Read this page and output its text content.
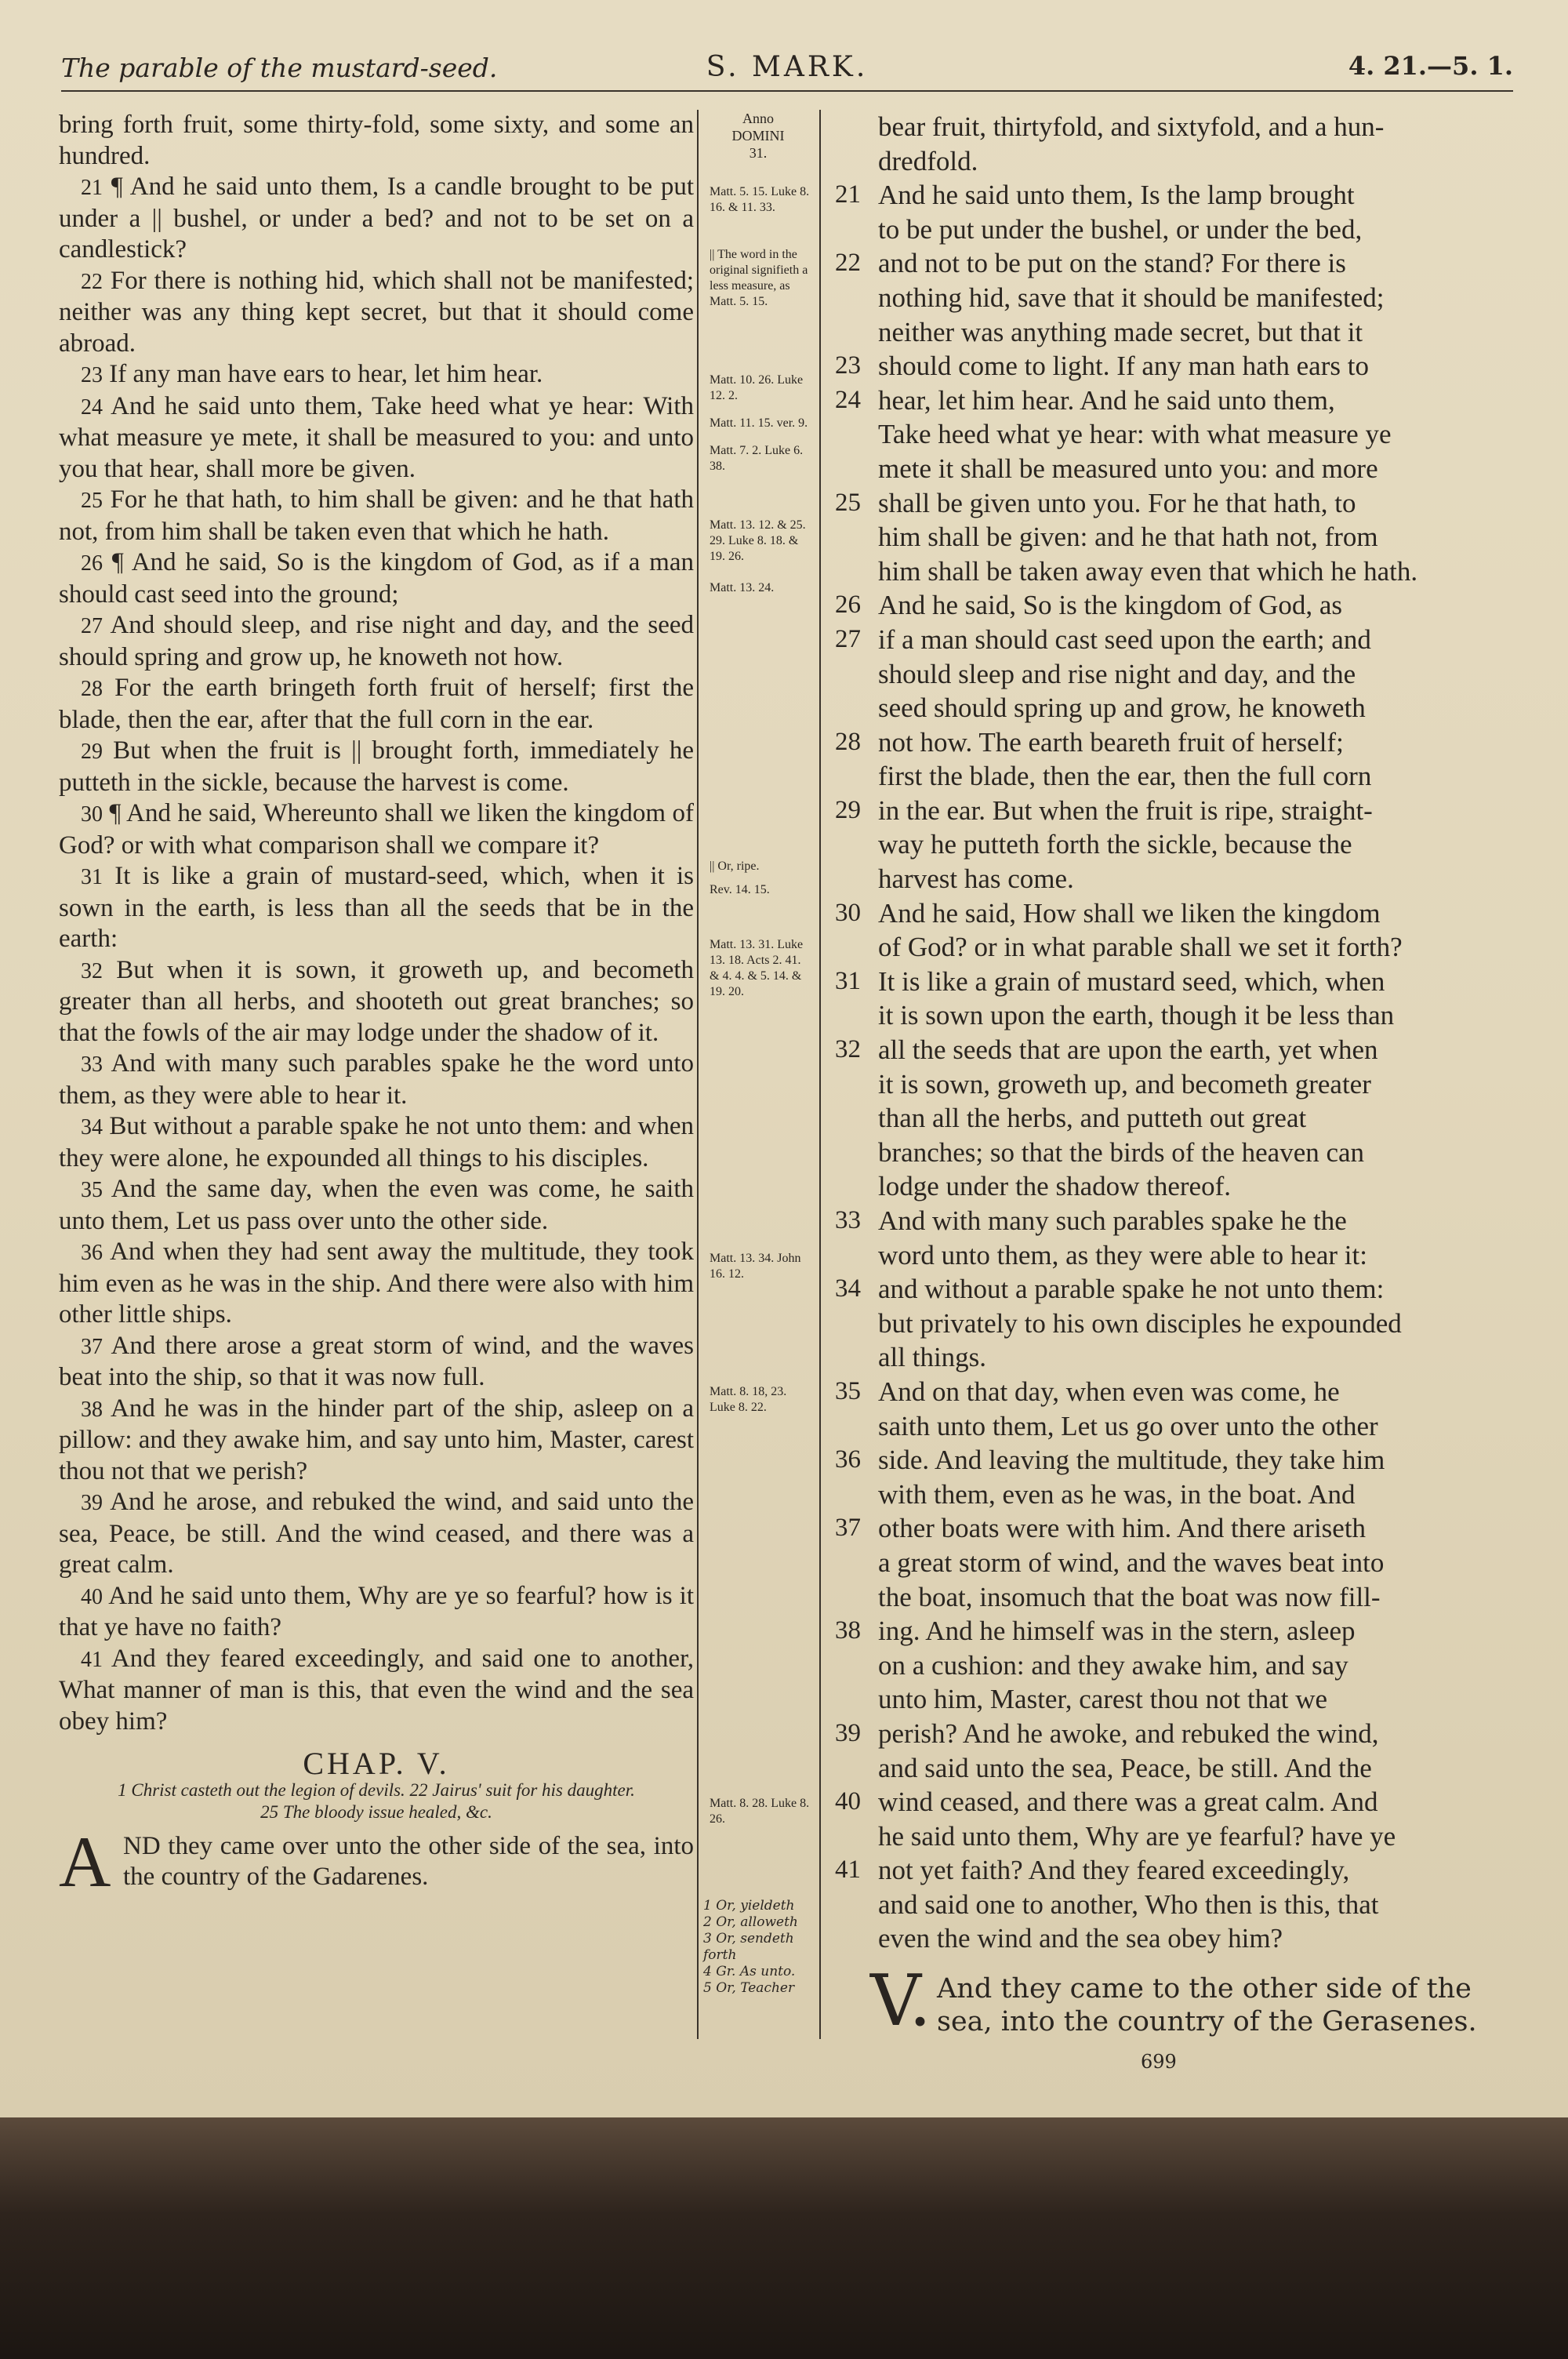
The parable of the mustard-seed.	S. MARK.	4. 21.—5. 1.

bring forth fruit, some thirty-fold, some sixty, and some an hundred.

21 ¶ And he said unto them, Is a candle brought to be put under a || bushel, or under a bed? and not to be set on a candlestick?

22 For there is nothing hid, which shall not be manifested; neither was any thing kept secret, but that it should come abroad.

23 If any man have ears to hear, let him hear.

24 And he said unto them, Take heed what ye hear: With what measure ye mete, it shall be measured to you: and unto you that hear, shall more be given.

25 For he that hath, to him shall be given: and he that hath not, from him shall be taken even that which he hath.

26 ¶ And he said, So is the kingdom of God, as if a man should cast seed into the ground;

27 And should sleep, and rise night and day, and the seed should spring and grow up, he knoweth not how.

28 For the earth bringeth forth fruit of herself; first the blade, then the ear, after that the full corn in the ear.

29 But when the fruit is || brought forth, immediately he putteth in the sickle, because the harvest is come.

30 ¶ And he said, Whereunto shall we liken the kingdom of God? or with what comparison shall we compare it?

31 It is like a grain of mustard-seed, which, when it is sown in the earth, is less than all the seeds that be in the earth:

32 But when it is sown, it groweth up, and becometh greater than all herbs, and shooteth out great branches; so that the fowls of the air may lodge under the shadow of it.

33 And with many such parables spake he the word unto them, as they were able to hear it.

34 But without a parable spake he not unto them: and when they were alone, he expounded all things to his disciples.

35 And the same day, when the even was come, he saith unto them, Let us pass over unto the other side.

36 And when they had sent away the multitude, they took him even as he was in the ship. And there were also with him other little ships.

37 And there arose a great storm of wind, and the waves beat into the ship, so that it was now full.

38 And he was in the hinder part of the ship, asleep on a pillow: and they awake him, and say unto him, Master, carest thou not that we perish?

39 And he arose, and rebuked the wind, and said unto the sea, Peace, be still. And the wind ceased, and there was a great calm.

40 And he said unto them, Why are ye so fearful? how is it that ye have no faith?

41 And they feared exceedingly, and said one to another, What manner of man is this, that even the wind and the sea obey him?

CHAP. V.
1 Christ casteth out the legion of devils. 22 Jairus' suit for his daughter.
25 The bloody issue healed, &c.
A ND they came over unto the other side of the sea, into the country of the Gadarenes.
Anno
DOMINI
31.
Matt. 5. 15. Luke 8. 16. & 11. 33.
|| The word in the original signifieth a less measure, as Matt. 5. 15.
Matt. 10. 26. Luke 12. 2.
Matt. 11. 15. ver. 9.
Matt. 7. 2. Luke 6. 38.
Matt. 13. 12. & 25. 29. Luke 8. 18. & 19. 26.
Matt. 13. 24.
|| Or, ripe.
Rev. 14. 15.
Matt. 13. 31. Luke 13. 18. Acts 2. 41. & 4. 4. & 5. 14. & 19. 20.
Matt. 13. 34. John 16. 12.
Matt. 8. 18, 23. Luke 8. 22.
Matt. 8. 28. Luke 8. 26.
1 Or, yieldeth
2 Or, alloweth
3 Or, sendeth forth
4 Gr. As unto.
5 Or, Teacher
bear fruit, thirtyfold, and sixtyfold, and a hun-
dredfold.
21 And he said unto them, Is the lamp brought
to be put under the bushel, or under the bed,
22 and not to be put on the stand? For there is
nothing hid, save that it should be manifested;
neither was anything made secret, but that it
23 should come to light. If any man hath ears to
24 hear, let him hear. And he said unto them,
Take heed what ye hear: with what measure ye
mete it shall be measured unto you: and more
25 shall be given unto you. For he that hath, to
him shall be given: and he that hath not, from
him shall be taken away even that which he hath.
26 And he said, So is the kingdom of God, as
27 if a man should cast seed upon the earth; and
should sleep and rise night and day, and the
seed should spring up and grow, he knoweth
28 not how. The earth beareth fruit of herself;
first the blade, then the ear, then the full corn
29 in the ear. But when the fruit is ripe, straight-
way he putteth forth the sickle, because the
harvest has come.
30 And he said, How shall we liken the kingdom
of God? or in what parable shall we set it forth?
31 It is like a grain of mustard seed, which, when
it is sown upon the earth, though it be less than
32 all the seeds that are upon the earth, yet when
it is sown, groweth up, and becometh greater
than all the herbs, and putteth out great
branches; so that the birds of the heaven can
lodge under the shadow thereof.
33 And with many such parables spake he the
word unto them, as they were able to hear it:
34 and without a parable spake he not unto them:
but privately to his own disciples he expounded
all things.
35 And on that day, when even was come, he
saith unto them, Let us go over unto the other
36 side. And leaving the multitude, they take him
with them, even as he was, in the boat. And
37 other boats were with him. And there ariseth
a great storm of wind, and the waves beat into
the boat, insomuch that the boat was now fill-
38 ing. And he himself was in the stern, asleep
on a cushion: and they awake him, and say
unto him, Master, carest thou not that we
39 perish? And he awoke, and rebuked the wind,
and said unto the sea, Peace, be still. And the
40 wind ceased, and there was a great calm. And
he said unto them, Why are ye fearful? have ye
41 not yet faith? And they feared exceedingly,
and said one to another, Who then is this, that
even the wind and the sea obey him?
V. And they came to the other side of the sea, into the country of the Gerasenes.
699
